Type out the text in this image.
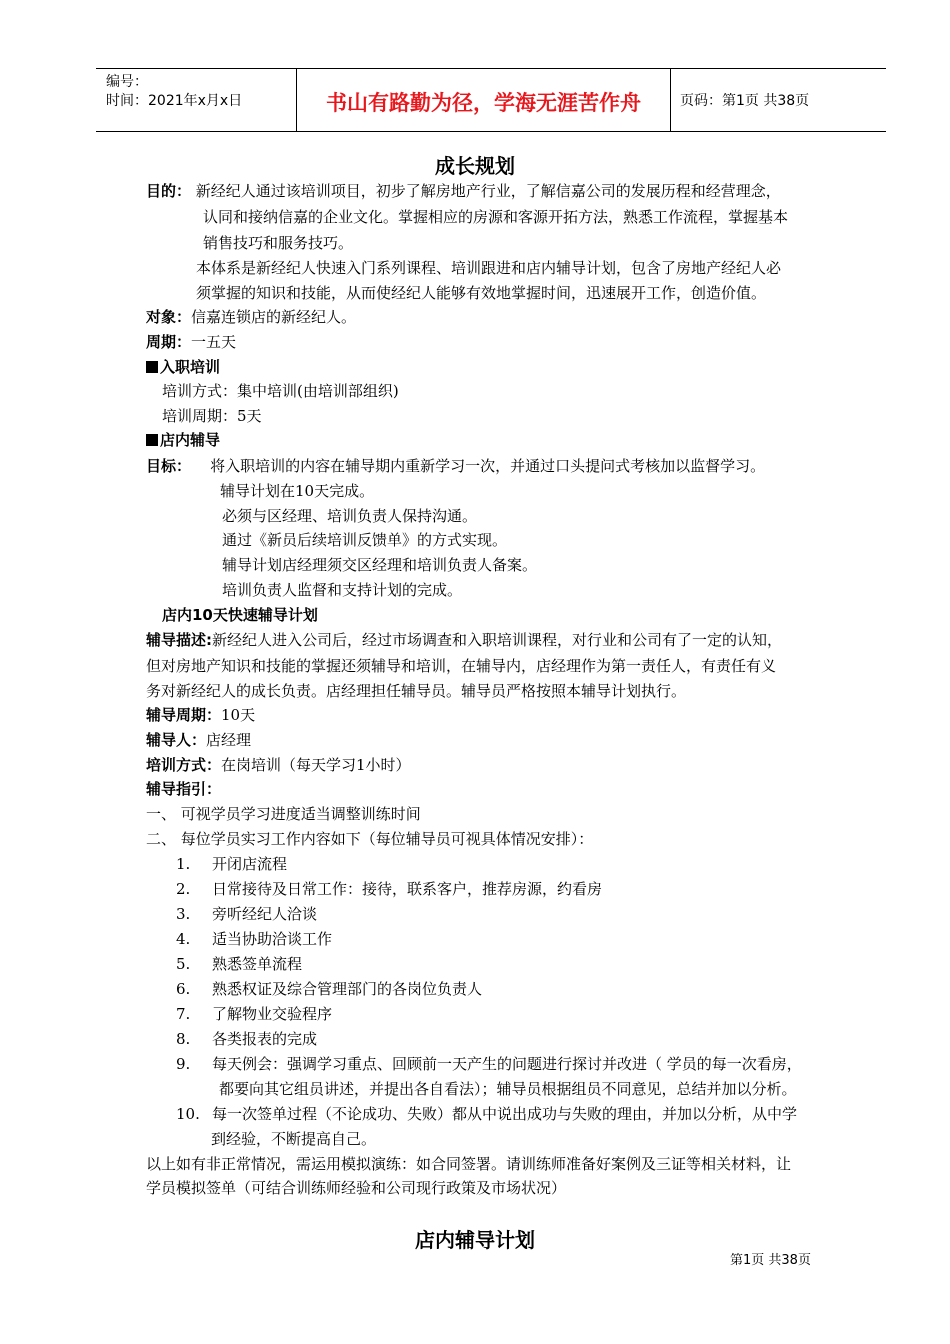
编号：
时间：2021年x月x日	书山有路勤为径，学海无涯苦作舟	页码：第1页 共38页
成长规划
目的： 新经纪人通过该培训项目，初步了解房地产行业，了解信嘉公司的发展历程和经营理念，
认同和接纳信嘉的企业文化。掌握相应的房源和客源开拓方法，熟悉工作流程，掌握基本
销售技巧和服务技巧。
本体系是新经纪人快速入门系列课程、培训跟进和店内辅导计划，包含了房地产经纪人必
须掌握的知识和技能，从而使经纪人能够有效地掌握时间，迅速展开工作，创造价值。
对象：信嘉连锁店的新经纪人。
周期：一五天
入职培训
培训方式：集中培训(由培训部组织)
培训周期：5天
店内辅导
目标： 将入职培训的内容在辅导期内重新学习一次，并通过口头提问式考核加以监督学习。
辅导计划在10天完成。
必须与区经理、培训负责人保持沟通。
通过《新员后续培训反馈单》的方式实现。
辅导计划店经理须交区经理和培训负责人备案。
培训负责人监督和支持计划的完成。
店内10天快速辅导计划
辅导描述:新经纪人进入公司后，经过市场调查和入职培训课程，对行业和公司有了一定的认知，
但对房地产知识和技能的掌握还须辅导和培训，在辅导内，店经理作为第一责任人，有责任有义
务对新经纪人的成长负责。店经理担任辅导员。辅导员严格按照本辅导计划执行。
辅导周期：10天
辅导人：店经理
培训方式：在岗培训（每天学习1小时）
辅导指引：
一、 可视学员学习进度适当调整训练时间
二、 每位学员实习工作内容如下（每位辅导员可视具体情况安排）：
1. 开闭店流程
2. 日常接待及日常工作：接待，联系客户，推荐房源，约看房
3. 旁听经纪人洽谈
4. 适当协助洽谈工作
5. 熟悉签单流程
6. 熟悉权证及综合管理部门的各岗位负责人
7. 了解物业交验程序
8. 各类报表的完成
9. 每天例会：强调学习重点、回顾前一天产生的问题进行探讨并改进（ 学员的每一次看房，
都要向其它组员讲述，并提出各自看法）；辅导员根据组员不同意见，总结并加以分析。
10. 每一次签单过程（不论成功、失败）都从中说出成功与失败的理由，并加以分析，从中学
到经验，不断提高自己。
以上如有非正常情况，需运用模拟演练：如合同签署。请训练师准备好案例及三证等相关材料，让
学员模拟签单（可结合训练师经验和公司现行政策及市场状况）
店内辅导计划
第1页 共38页
